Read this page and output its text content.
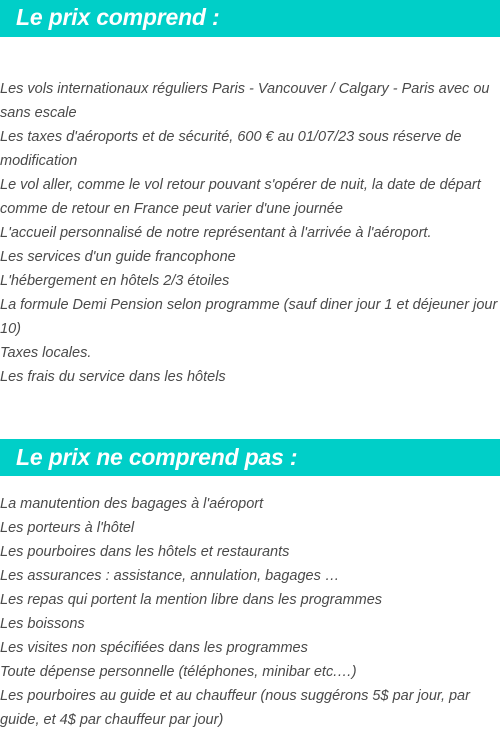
Le prix comprend :
Les vols internationaux réguliers Paris - Vancouver / Calgary - Paris avec ou sans escale
Les taxes d'aéroports et de sécurité, 600 € au 01/07/23 sous réserve de modification
Le vol aller, comme le vol retour pouvant s'opérer de nuit, la date de départ comme de retour en France peut varier d'une journée
L'accueil personnalisé de notre représentant à l'arrivée à l'aéroport.
Les services d'un guide francophone
L'hébergement en hôtels 2/3 étoiles
La formule Demi Pension selon programme (sauf diner jour 1 et déjeuner jour 10)
Taxes locales.
Les frais du service dans les hôtels
Le prix ne comprend pas :
La manutention des bagages à l'aéroport
Les porteurs à l'hôtel
Les pourboires dans les hôtels et restaurants
Les assurances : assistance, annulation, bagages …
Les repas qui portent la mention libre dans les programmes
Les boissons
Les visites non spécifiées dans les programmes
Toute dépense personnelle (téléphones, minibar etc.…)
Les pourboires au guide et au chauffeur (nous suggérons 5$ par jour, par guide, et 4$ par chauffeur par jour)
